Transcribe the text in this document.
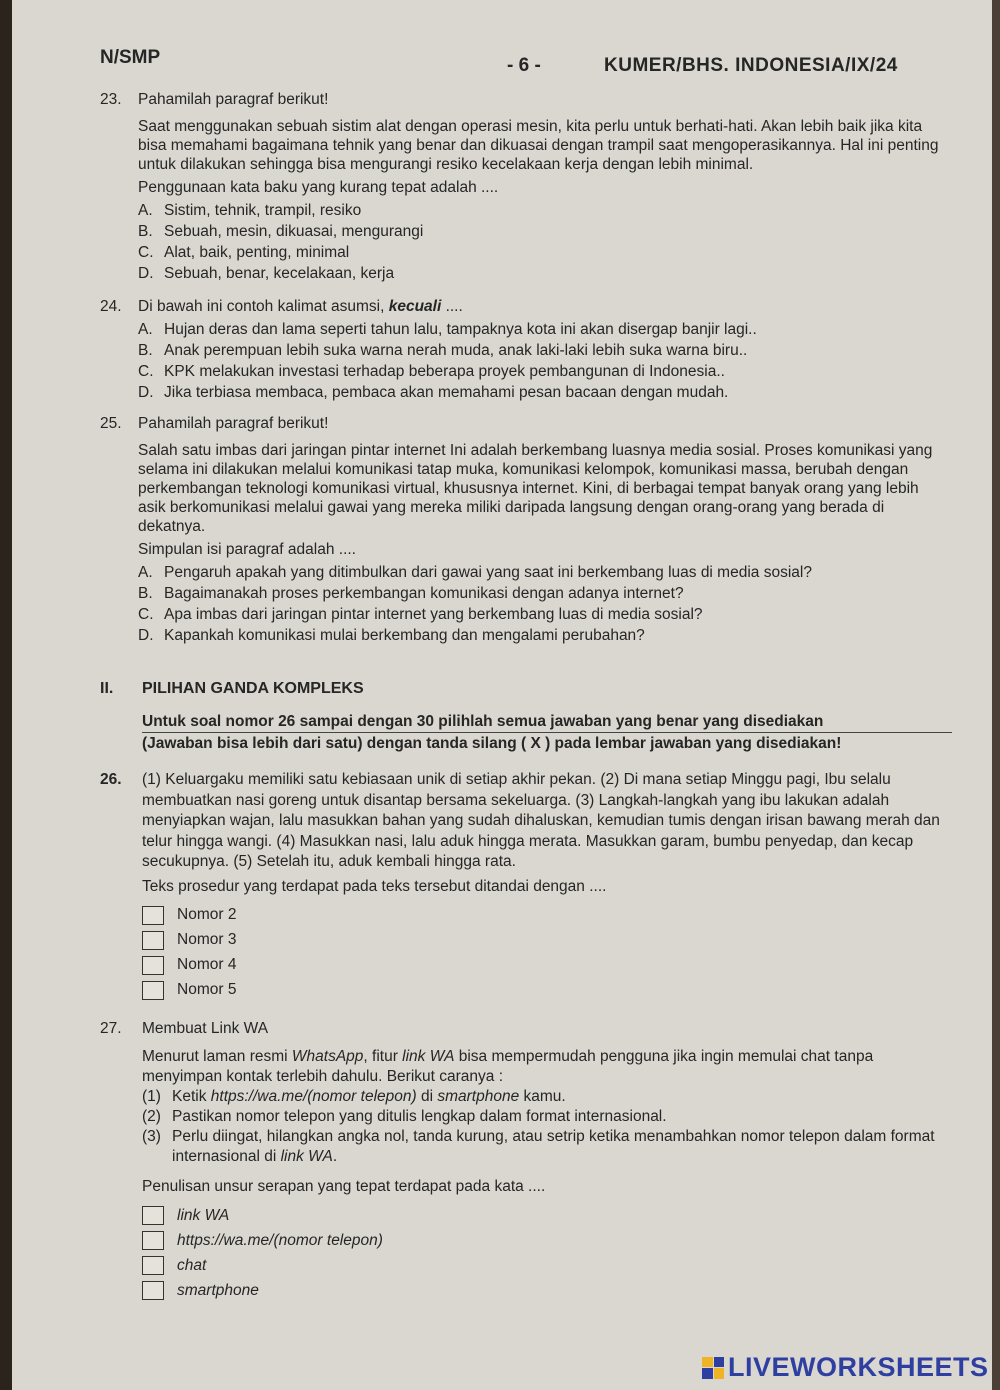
N/SMP	- 6 -	KUMER/BHS. INDONESIA/IX/24
23. Pahamilah paragraf berikut!

Saat menggunakan sebuah sistim alat dengan operasi mesin, kita perlu untuk berhati-hati. Akan lebih baik jika kita bisa memahami bagaimana tehnik yang benar dan dikuasai dengan trampil saat mengoperasikannya. Hal ini penting untuk dilakukan sehingga bisa mengurangi resiko kecelakaan kerja dengan lebih minimal.

Penggunaan kata baku yang kurang tepat adalah ....
A. Sistim, tehnik, trampil, resiko
B. Sebuah, mesin, dikuasai, mengurangi
C. Alat, baik, penting, minimal
D. Sebuah, benar, kecelakaan, kerja
24. Di bawah ini contoh kalimat asumsi, kecuali ....
A. Hujan deras dan lama seperti tahun lalu, tampaknya kota ini akan disergap banjir lagi..
B. Anak perempuan lebih suka warna nerah muda, anak laki-laki lebih suka warna biru..
C. KPK melakukan investasi terhadap beberapa proyek pembangunan di Indonesia..
D. Jika terbiasa membaca, pembaca akan memahami pesan bacaan dengan mudah.
25. Pahamilah paragraf berikut!

Salah satu imbas dari jaringan pintar internet Ini adalah berkembang luasnya media sosial. Proses komunikasi yang selama ini dilakukan melalui komunikasi tatap muka, komunikasi kelompok, komunikasi massa, berubah dengan perkembangan teknologi komunikasi virtual, khususnya internet. Kini, di berbagai tempat banyak orang yang lebih asik berkomunikasi melalui gawai yang mereka miliki daripada langsung dengan orang-orang yang berada di dekatnya.

Simpulan isi paragraf adalah ....
A. Pengaruh apakah yang ditimbulkan dari gawai yang saat ini berkembang luas di media sosial?
B. Bagaimanakah proses perkembangan komunikasi dengan adanya internet?
C. Apa imbas dari jaringan pintar internet yang berkembang luas di media sosial?
D. Kapankah komunikasi mulai berkembang dan mengalami perubahan?
II. PILIHAN GANDA KOMPLEKS
Untuk soal nomor 26 sampai dengan 30 pilihlah semua jawaban yang benar yang disediakan
(Jawaban bisa lebih dari satu) dengan tanda silang ( X ) pada lembar jawaban yang disediakan!
26. (1) Keluargaku memiliki satu kebiasaan unik di setiap akhir pekan. (2) Di mana setiap Minggu pagi, Ibu selalu membuatkan nasi goreng untuk disantap bersama sekeluarga. (3) Langkah-langkah yang ibu lakukan adalah menyiapkan wajan, lalu masukkan bahan yang sudah dihaluskan, kemudian tumis dengan irisan bawang merah dan telur hingga wangi. (4) Masukkan nasi, lalu aduk hingga merata. Masukkan garam, bumbu penyedap, dan kecap secukupnya. (5) Setelah itu, aduk kembali hingga rata.

Teks prosedur yang terdapat pada teks tersebut ditandai dengan ....
Nomor 2
Nomor 3
Nomor 4
Nomor 5
27. Membuat Link WA

Menurut laman resmi WhatsApp, fitur link WA bisa mempermudah pengguna jika ingin memulai chat tanpa menyimpan kontak terlebih dahulu. Berikut caranya :

(1) Ketik https://wa.me/(nomor telepon) di smartphone kamu.
(2) Pastikan nomor telepon yang ditulis lengkap dalam format internasional.
(3) Perlu diingat, hilangkan angka nol, tanda kurung, atau setrip ketika menambahkan nomor telepon dalam format internasional di link WA.
Penulisan unsur serapan yang tepat terdapat pada kata ....
link WA
https://wa.me/(nomor telepon)
chat
smartphone
LIVEWORKSHEETS
